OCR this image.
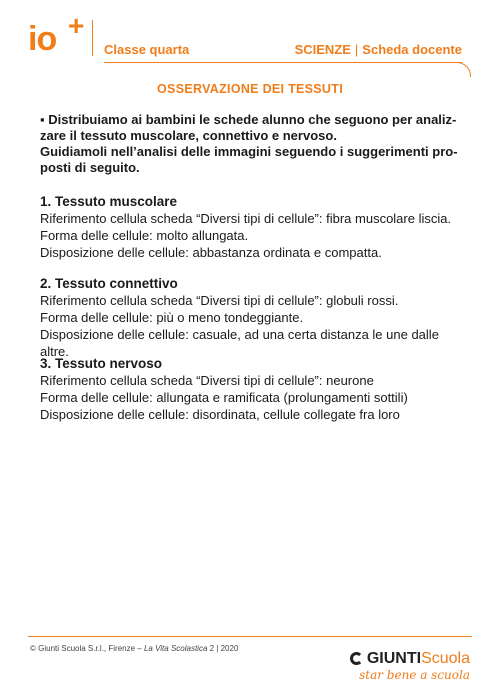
io +
Classe quarta	SCIENZE | Scheda docente
OSSERVAZIONE DEI TESSUTI
▪ Distribuiamo ai bambini le schede alunno che seguono per analiz-
zare il tessuto muscolare, connettivo e nervoso.
Guidiamoli nell’analisi delle immagini seguendo i suggerimenti pro-
posti di seguito.
1. Tessuto muscolare

Riferimento cellula scheda “Diversi tipi di cellule”: fibra muscolare liscia.

Forma delle cellule: molto allungata.

Disposizione delle cellule: abbastanza ordinata e compatta.

2. Tessuto connettivo

Riferimento cellula scheda “Diversi tipi di cellule”: globuli rossi.

Forma delle cellule: più o meno tondeggiante.

Disposizione delle cellule: casuale, ad una certa distanza le une dalle altre.

3. Tessuto nervoso

Riferimento cellula scheda “Diversi tipi di cellule”: neurone

Forma delle cellule: allungata e ramificata (prolungamenti sottili)

Disposizione delle cellule: disordinata, cellule collegate fra loro

© Giunti Scuola S.r.l., Firenze – La Vita Scolastica 2 | 2020
GIUNTIScuola
star bene a scuola
